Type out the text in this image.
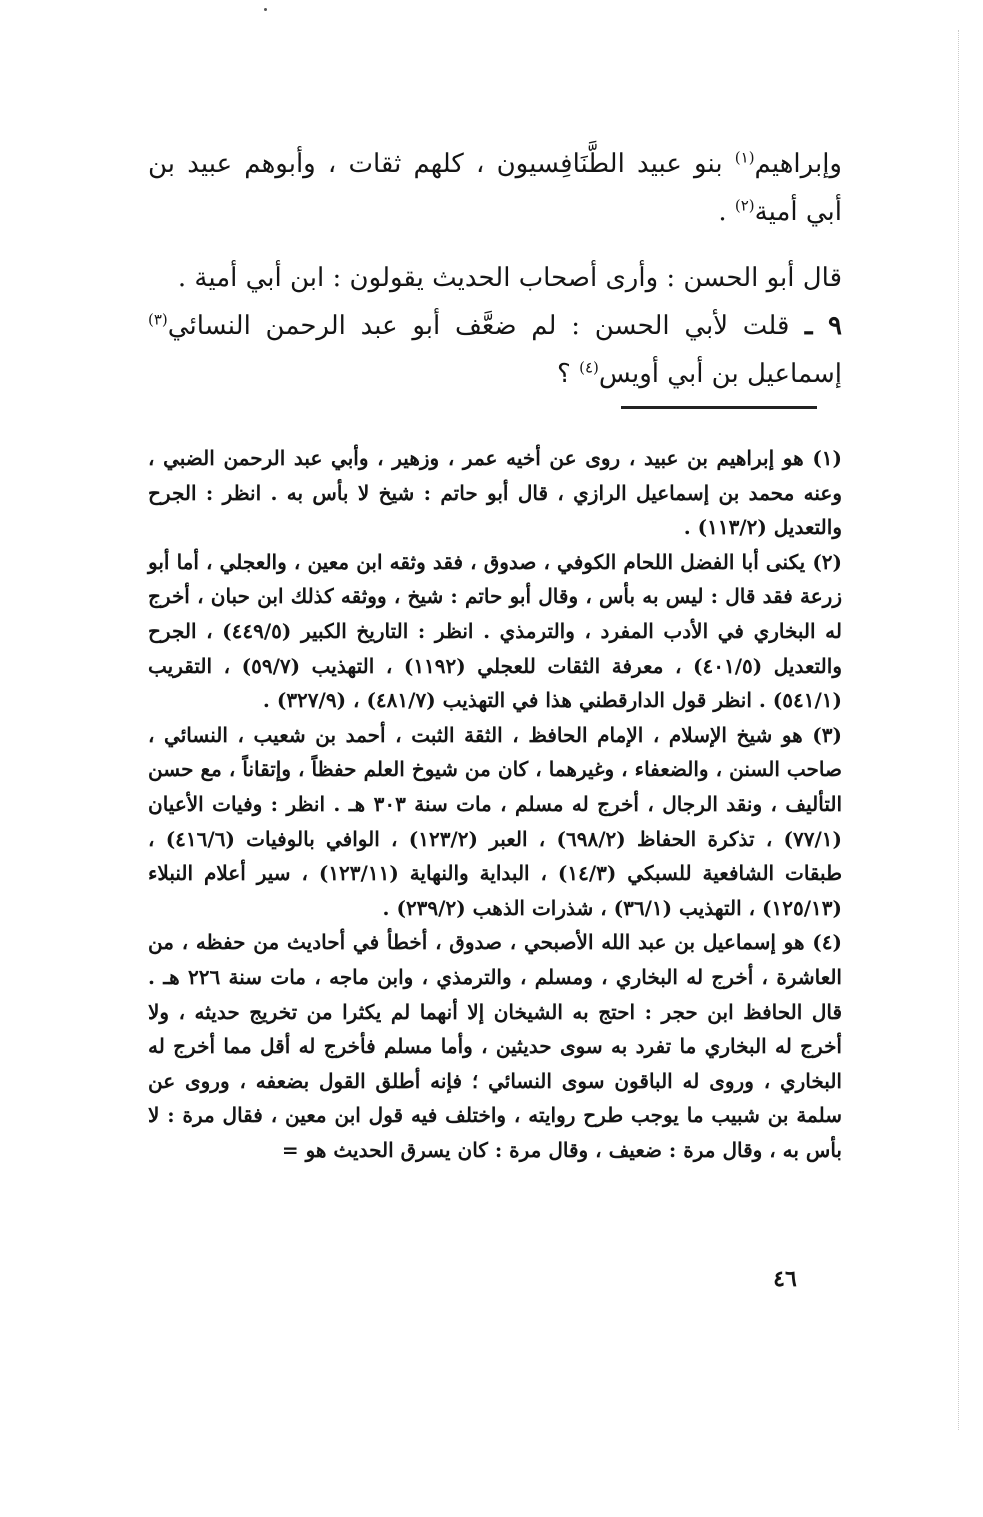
وإبراهيم$^{(١)}$ بنو عبيد الطَّنَافِسيون ، كلهم ثقات ، وأبوهم عبيد بن أبي أمية$^{(٢)}$ .

قال أبو الحسن : وأرى أصحاب الحديث يقولون : ابن أبي أمية .

٩ ـ قلت لأبي الحسن : لم ضعَّف أبو عبد الرحمن النسائي$^{(٣)}$ إسماعيل بن أبي أويس$^{(٤)}$ ؟

(١) هو إبراهيم بن عبيد ، روى عن أخيه عمر ، وزهير ، وأبي عبد الرحمن الضبي ، وعنه محمد بن إسماعيل الرازي ، قال أبو حاتم : شيخ لا بأس به . انظر : الجرح والتعديل (١١٣/٢) .

(٢) يكنى أبا الفضل اللحام الكوفي ، صدوق ، فقد وثقه ابن معين ، والعجلي ، أما أبو زرعة فقد قال : ليس به بأس ، وقال أبو حاتم : شيخ ، ووثقه كذلك ابن حبان ، أخرج له البخاري في الأدب المفرد ، والترمذي . انظر : التاريخ الكبير (٤٤٩/٥) ، الجرح والتعديل (٤٠١/٥) ، معرفة الثقات للعجلي (١١٩٢) ، التهذيب (٥٩/٧) ، التقريب (٥٤١/١) . انظر قول الدارقطني هذا في التهذيب (٤٨١/٧) ، (٣٢٧/٩) .

(٣) هو شيخ الإسلام ، الإمام الحافظ ، الثقة الثبت ، أحمد بن شعيب ، النسائي ، صاحب السنن ، والضعفاء ، وغيرهما ، كان من شيوخ العلم حفظاً ، وإتقاناً ، مع حسن التأليف ، ونقد الرجال ، أخرج له مسلم ، مات سنة ٣٠٣ هـ . انظر : وفيات الأعيان (٧٧/١) ، تذكرة الحفاظ (٦٩٨/٢) ، العبر (١٢٣/٢) ، الوافي بالوفيات (٤١٦/٦) ، طبقات الشافعية للسبكي (١٤/٣) ، البداية والنهاية (١٢٣/١١) ، سير أعلام النبلاء (١٢٥/١٣) ، التهذيب (٣٦/١) ، شذرات الذهب (٢٣٩/٢) .

(٤) هو إسماعيل بن عبد الله الأصبحي ، صدوق ، أخطأ في أحاديث من حفظه ، من العاشرة ، أخرج له البخاري ، ومسلم ، والترمذي ، وابن ماجه ، مات سنة ٢٢٦ هـ . قال الحافظ ابن حجر : احتج به الشيخان إلا أنهما لم يكثرا من تخريج حديثه ، ولا أخرج له البخاري ما تفرد به سوى حديثين ، وأما مسلم فأخرج له أقل مما أخرج له البخاري ، وروى له الباقون سوى النسائي ؛ فإنه أطلق القول بضعفه ، وروى عن سلمة بن شبيب ما يوجب طرح روايته ، واختلف فيه قول ابن معين ، فقال مرة : لا بأس به ، وقال مرة : ضعيف ، وقال مرة : كان يسرق الحديث هو =

٤٦
